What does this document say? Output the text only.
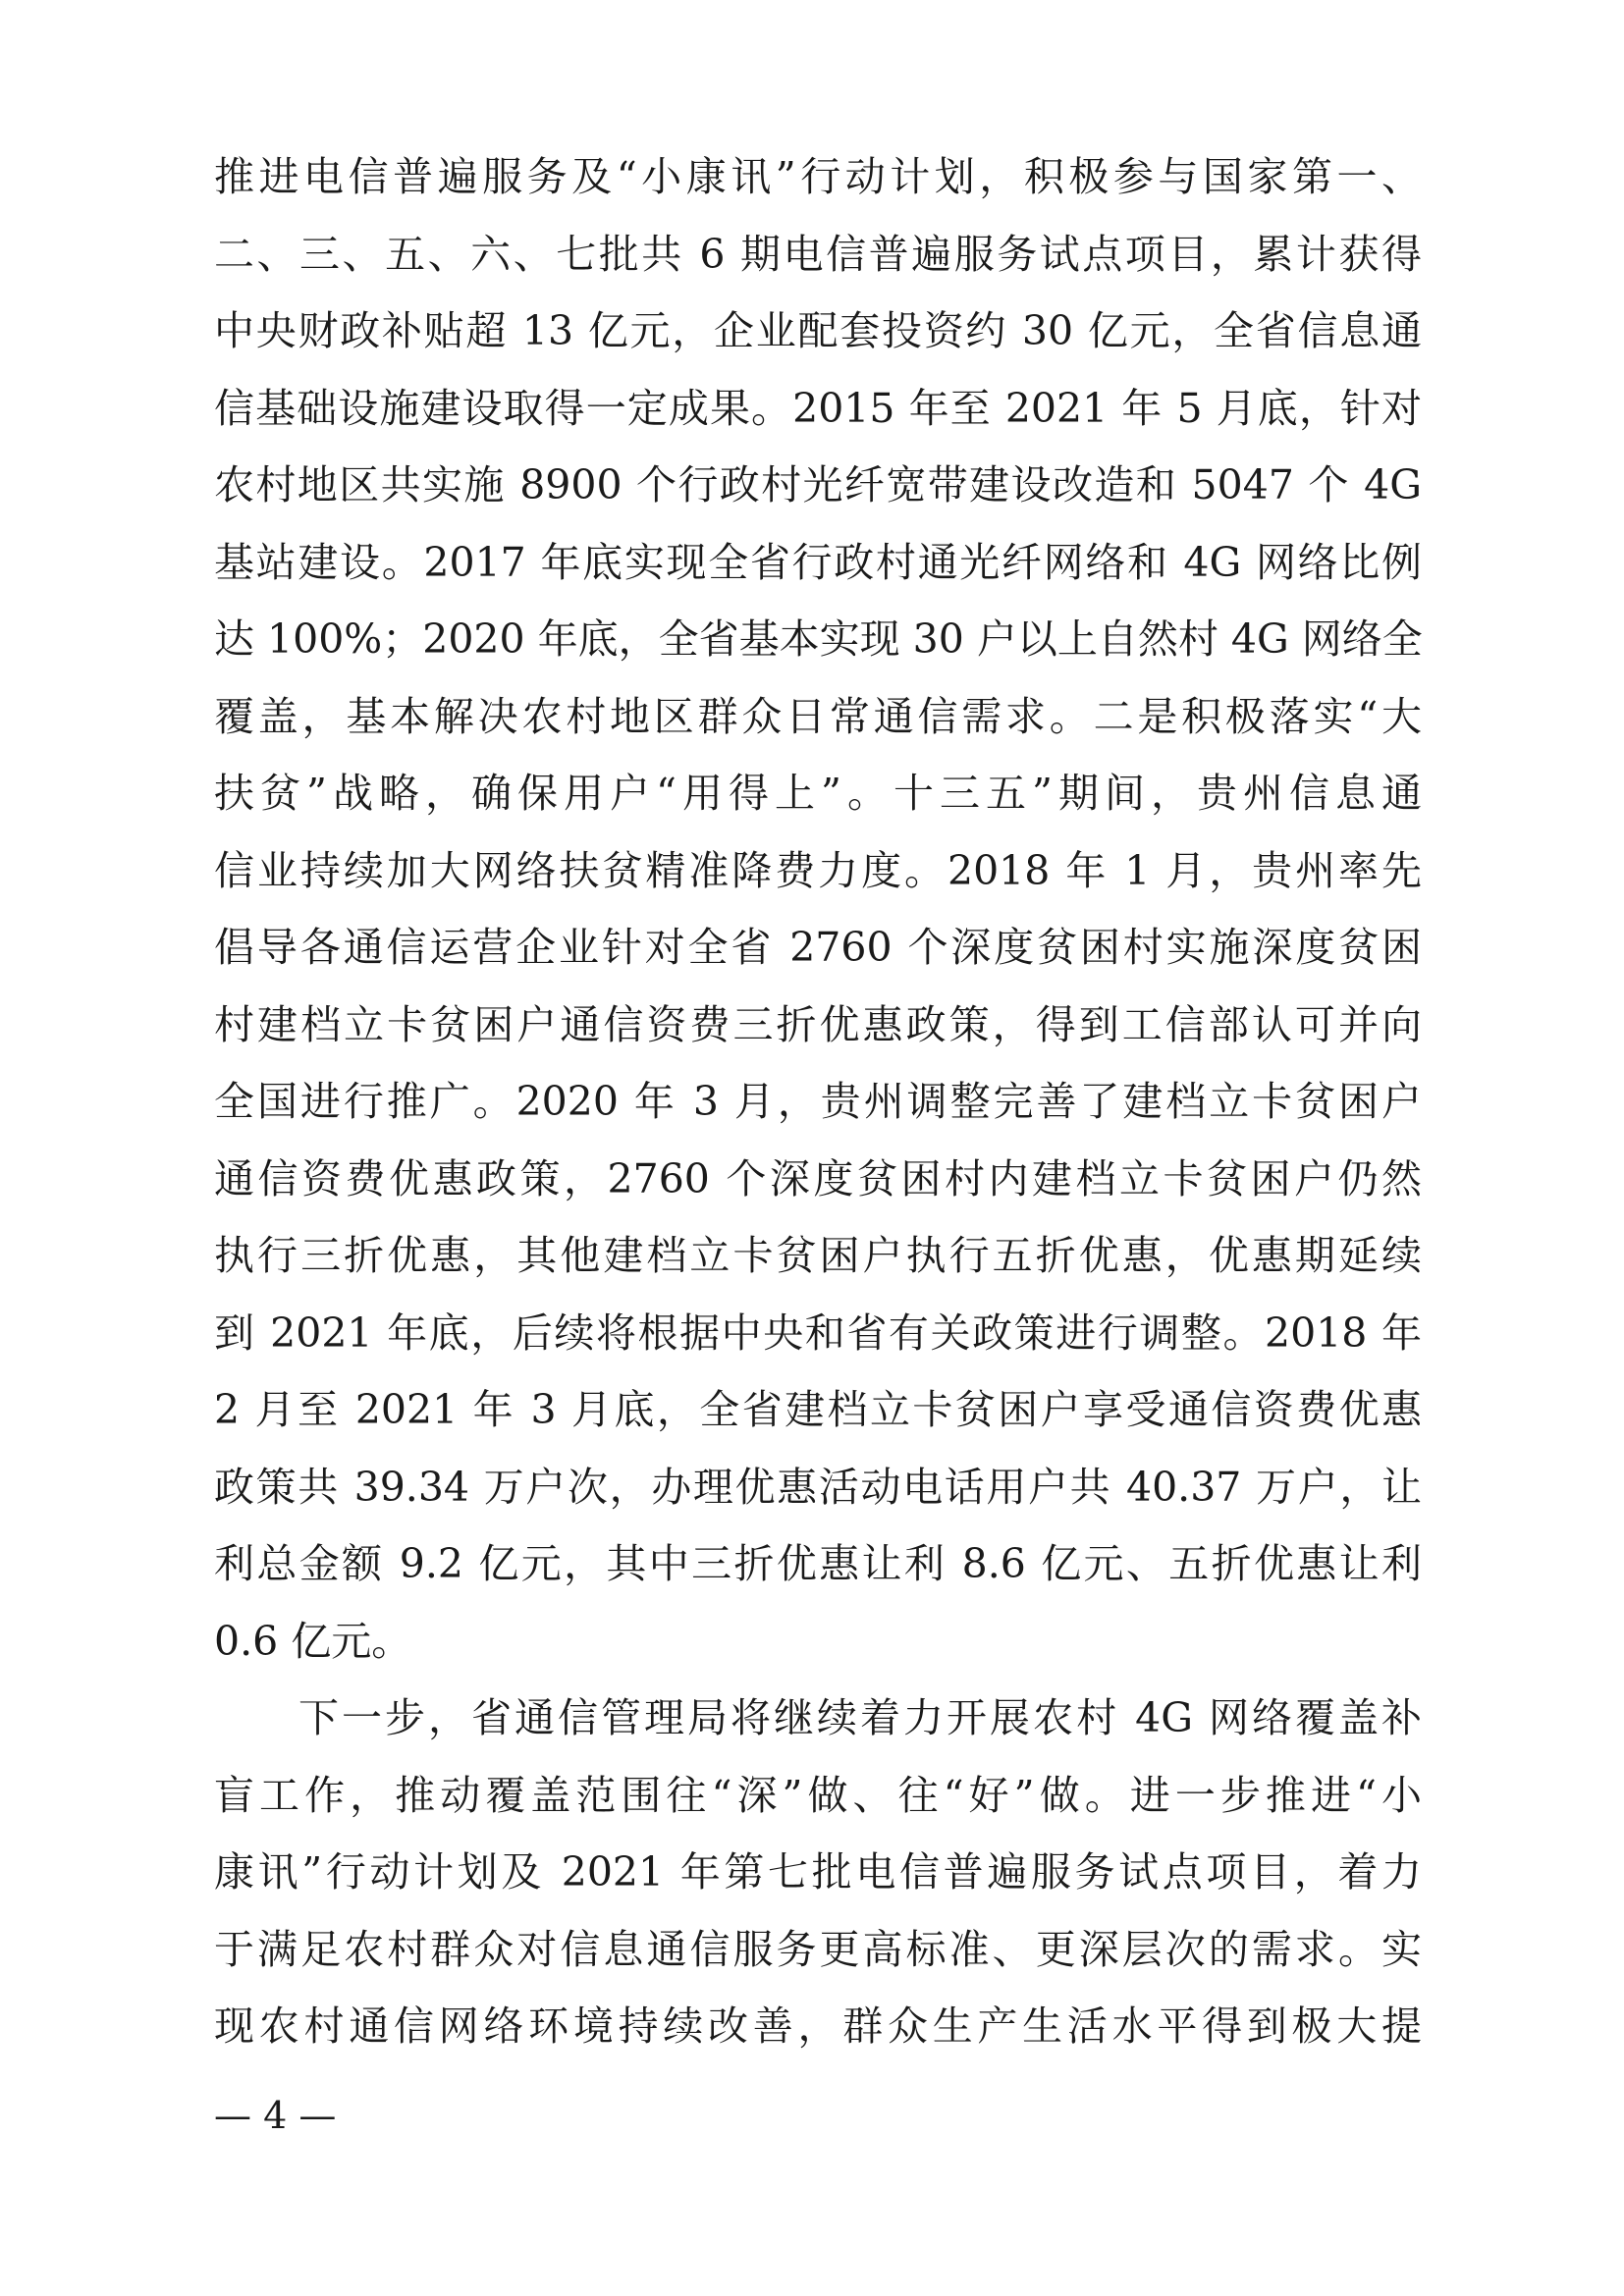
推进电信普遍服务及“小康讯”行动计划，积极参与国家第一、
二、三、五、六、七批共 6 期电信普遍服务试点项目，累计获得
中央财政补贴超 13 亿元，企业配套投资约 30 亿元，全省信息通
信基础设施建设取得一定成果。2015 年至 2021 年 5 月底，针对
农村地区共实施 8900 个行政村光纤宽带建设改造和 5047 个 4G
基站建设。2017 年底实现全省行政村通光纤网络和 4G 网络比例
达 100%；2020 年底，全省基本实现 30 户以上自然村 4G 网络全
覆盖，基本解决农村地区群众日常通信需求。二是积极落实“大
扶贫”战略，确保用户“用得上”。十三五”期间，贵州信息通
信业持续加大网络扶贫精准降费力度。2018 年 1 月，贵州率先
倡导各通信运营企业针对全省 2760 个深度贫困村实施深度贫困
村建档立卡贫困户通信资费三折优惠政策，得到工信部认可并向
全国进行推广。2020 年 3 月，贵州调整完善了建档立卡贫困户
通信资费优惠政策，2760 个深度贫困村内建档立卡贫困户仍然
执行三折优惠，其他建档立卡贫困户执行五折优惠，优惠期延续
到 2021 年底，后续将根据中央和省有关政策进行调整。2018 年
2 月至 2021 年 3 月底，全省建档立卡贫困户享受通信资费优惠
政策共 39.34 万户次，办理优惠活动电话用户共 40.37 万户，让
利总金额 9.2 亿元，其中三折优惠让利 8.6 亿元、五折优惠让利
0.6 亿元。
下一步，省通信管理局将继续着力开展农村 4G 网络覆盖补
盲工作，推动覆盖范围往“深”做、往“好”做。进一步推进“小
康讯”行动计划及 2021 年第七批电信普遍服务试点项目，着力
于满足农村群众对信息通信服务更高标准、更深层次的需求。实
现农村通信网络环境持续改善，群众生产生活水平得到极大提
— 4 —
